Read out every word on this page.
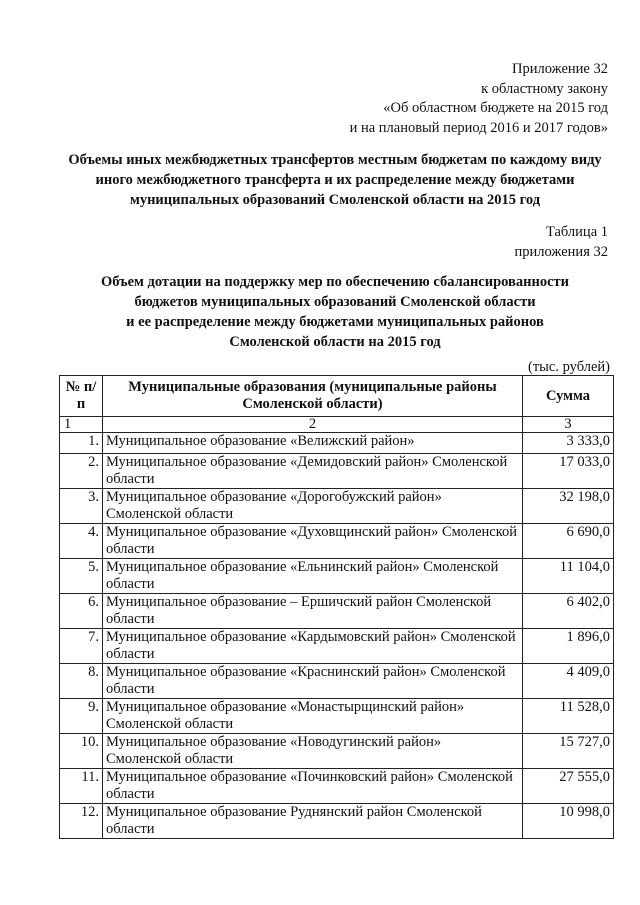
Приложение 32
к областному закону
«Об областном бюджете на 2015 год
и на плановый период 2016 и 2017 годов»
Объемы иных межбюджетных трансфертов местным бюджетам по каждому виду иного межбюджетного трансферта и их распределение между бюджетами муниципальных образований Смоленской области на 2015 год
Таблица 1
приложения 32
Объем дотации на поддержку мер по обеспечению сбалансированности
бюджетов муниципальных образований Смоленской области
и ее распределение между бюджетами муниципальных районов
Смоленской области на 2015 год
(тыс. рублей)
№ п/п	Муниципальные образования (муниципальные районы Смоленской области)	Сумма
1	2	3
1.	Муниципальное образование «Велижский район»	3 333,0
2.	Муниципальное образование «Демидовский район» Смоленской области	17 033,0
3.	Муниципальное образование «Дорогобужский район» Смоленской области	32 198,0
4.	Муниципальное образование «Духовщинский район» Смоленской области	6 690,0
5.	Муниципальное образование «Ельнинский район» Смоленской области	11 104,0
6.	Муниципальное образование – Ершичский район Смоленской области	6 402,0
7.	Муниципальное образование «Кардымовский район» Смоленской области	1 896,0
8.	Муниципальное образование «Краснинский район» Смоленской области	4 409,0
9.	Муниципальное образование «Монастырщинский район» Смоленской области	11 528,0
10.	Муниципальное образование «Новодугинский район» Смоленской области	15 727,0
11.	Муниципальное образование «Починковский район» Смоленской области	27 555,0
12.	Муниципальное образование Руднянский район Смоленской области	10 998,0
